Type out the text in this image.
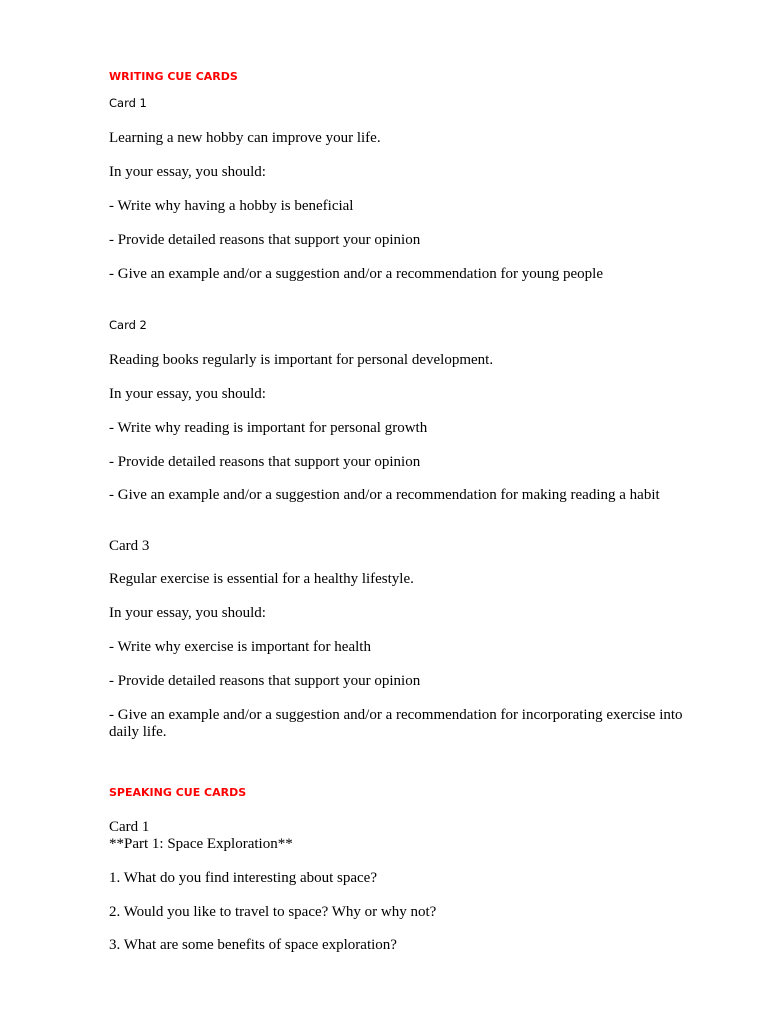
WRITING CUE CARDS
Card 1
Learning a new hobby can improve your life.
In your essay, you should:
- Write why having a hobby is beneficial
- Provide detailed reasons that support your opinion
- Give an example and/or a suggestion and/or a recommendation for young people
Card 2
Reading books regularly is important for personal development.
In your essay, you should:
- Write why reading is important for personal growth
- Provide detailed reasons that support your opinion
- Give an example and/or a suggestion and/or a recommendation for making reading a habit
Card 3
Regular exercise is essential for a healthy lifestyle.
In your essay, you should:
- Write why exercise is important for health
- Provide detailed reasons that support your opinion
- Give an example and/or a suggestion and/or a recommendation for incorporating exercise into daily life.
SPEAKING CUE CARDS
Card 1
**Part 1: Space Exploration**
1. What do you find interesting about space?
2. Would you like to travel to space? Why or why not?
3. What are some benefits of space exploration?
